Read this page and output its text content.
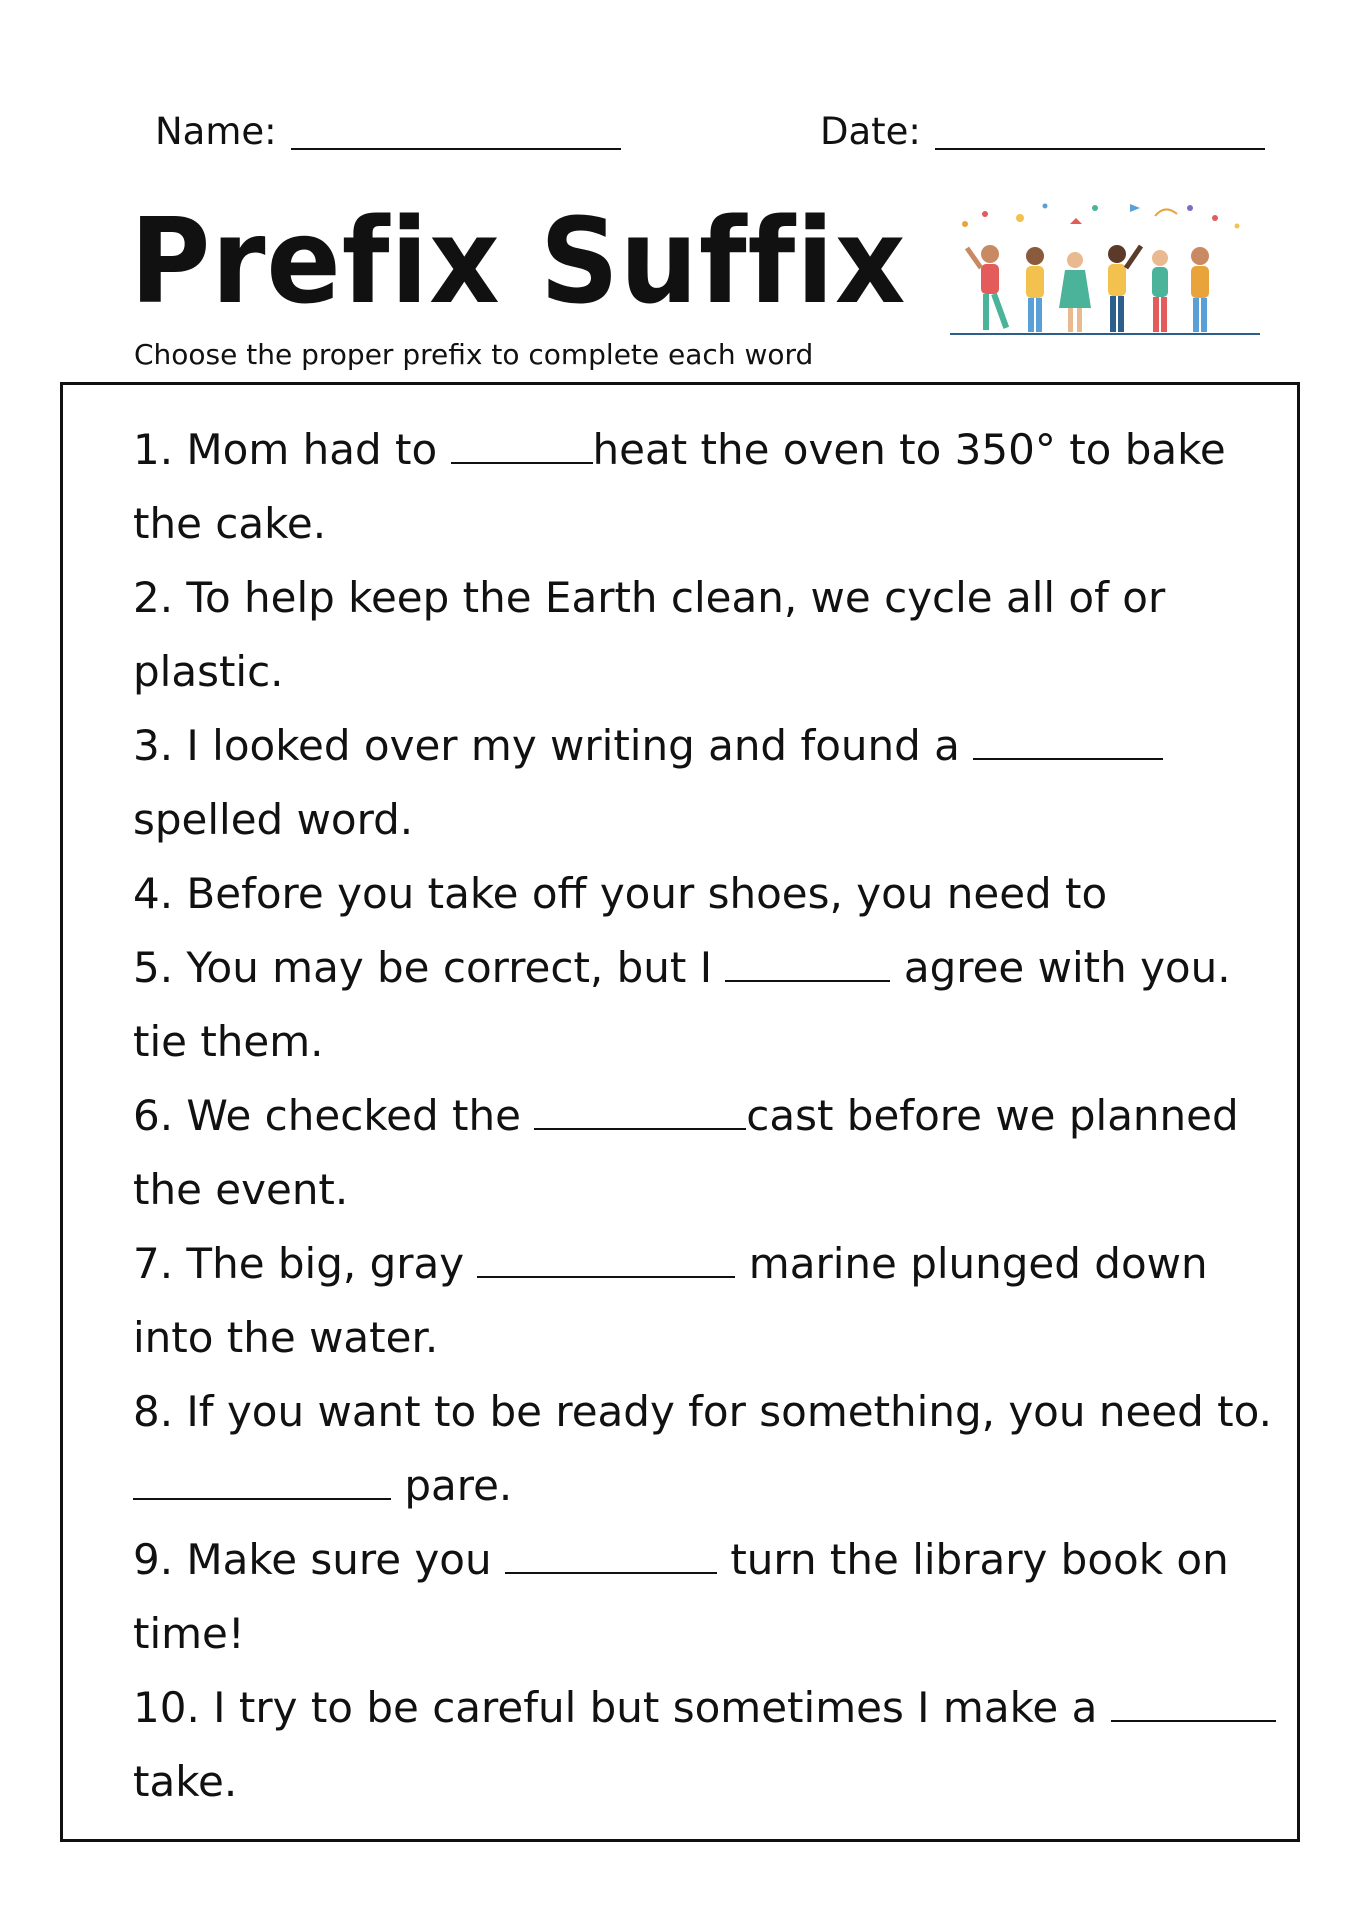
Name:	Date:
Prefix Suffix
Choose the proper prefix to complete each word
1. Mom had to	heat the oven to 350° to bake
the cake.
2. To help keep the Earth clean, we cycle all of or
plastic.
3. I looked over my writing and found a
spelled word.
4. Before you take off your shoes, you need to
5. You may be correct, but I	agree with you.
tie them.
6. We checked the	cast before we planned
the event.
7. The big, gray	marine plunged down
into the water.
8. If you want to be ready for something, you need to.
pare.
9. Make sure you	turn the library book on
time!
10. I try to be careful but sometimes I make a
take.
